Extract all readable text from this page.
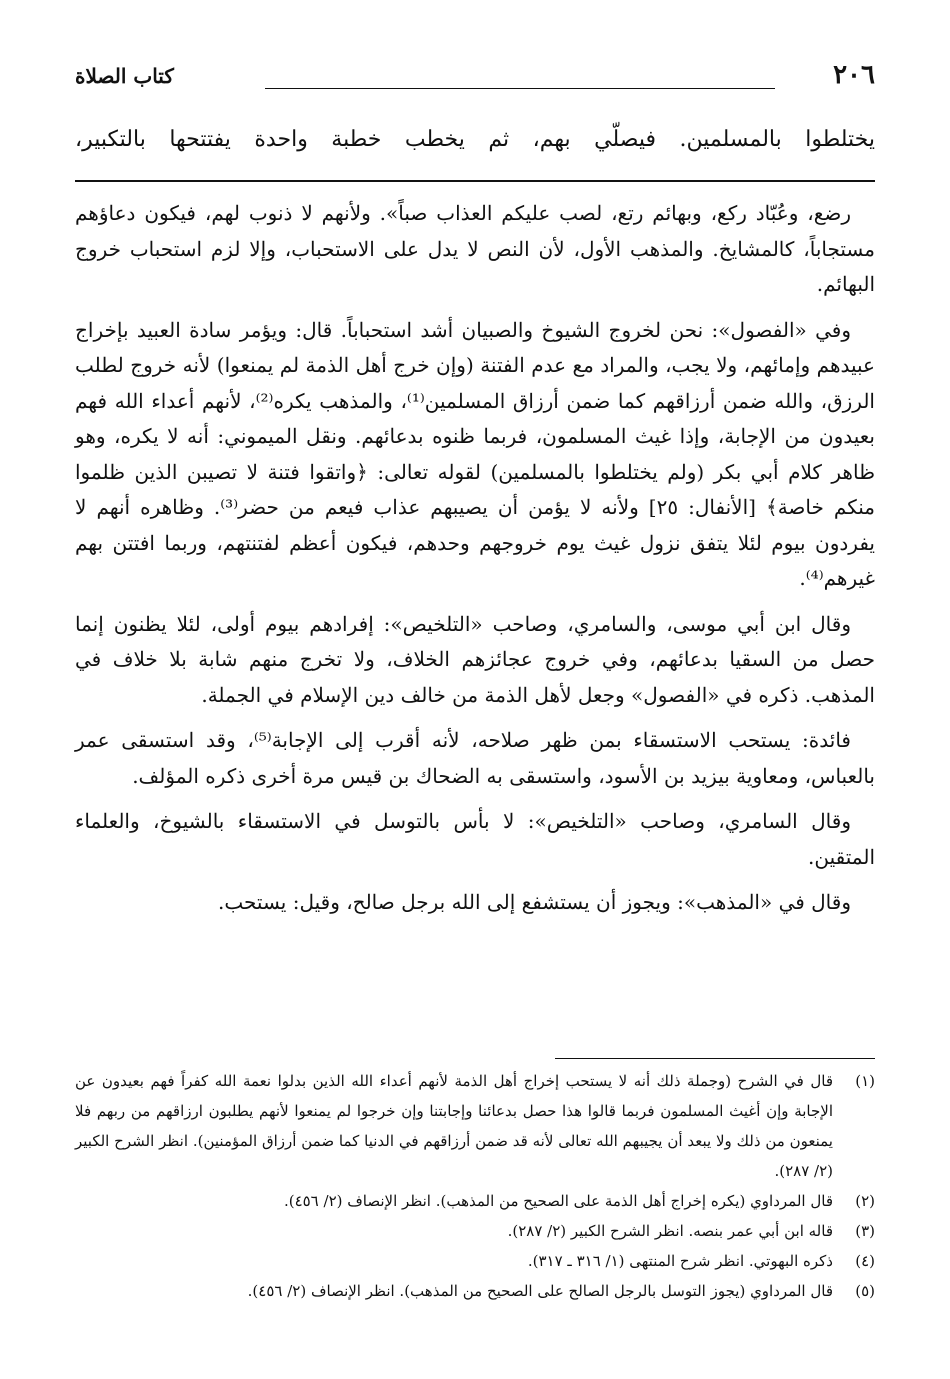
٢٠٦
كتاب الصلاة
يختلطوا بالمسلمين. فيصلّي بهم، ثم يخطب خطبة واحدة يفتتحها بالتكبير،

رضع، وعُبّاد ركع، وبهائم رتع، لصب عليكم العذاب صباً». ولأنهم لا ذنوب لهم، فيكون دعاؤهم مستجاباً، كالمشايخ. والمذهب الأول، لأن النص لا يدل على الاستحباب، وإلا لزم استحباب خروج البهائم.

وفي «الفصول»: نحن لخروج الشيوخ والصبيان أشد استحباباً. قال: ويؤمر سادة العبيد بإخراج عبيدهم وإمائهم، ولا يجب، والمراد مع عدم الفتنة (وإن خرج أهل الذمة لم يمنعوا) لأنه خروج لطلب الرزق، والله ضمن أرزاقهم كما ضمن أرزاق المسلمين⁽¹⁾، والمذهب يكره⁽²⁾، لأنهم أعداء الله فهم بعيدون من الإجابة، وإذا غيث المسلمون، فربما ظنوه بدعائهم. ونقل الميموني: أنه لا يكره، وهو ظاهر كلام أبي بكر (ولم يختلطوا بالمسلمين) لقوله تعالى: ﴿واتقوا فتنة لا تصيبن الذين ظلموا منكم خاصة﴾ [الأنفال: ٢٥] ولأنه لا يؤمن أن يصيبهم عذاب فيعم من حضر⁽³⁾. وظاهره أنهم لا يفردون بيوم لئلا يتفق نزول غيث يوم خروجهم وحدهم، فيكون أعظم لفتنتهم، وربما افتتن بهم غيرهم⁽⁴⁾.

وقال ابن أبي موسى، والسامري، وصاحب «التلخيص»: إفرادهم بيوم أولى، لئلا يظنون إنما حصل من السقيا بدعائهم، وفي خروج عجائزهم الخلاف، ولا تخرج منهم شابة بلا خلاف في المذهب. ذكره في «الفصول» وجعل لأهل الذمة من خالف دين الإسلام في الجملة.

فائدة: يستحب الاستسقاء بمن ظهر صلاحه، لأنه أقرب إلى الإجابة⁽⁵⁾، وقد استسقى عمر بالعباس، ومعاوية بيزيد بن الأسود، واستسقى به الضحاك بن قيس مرة أخرى ذكره المؤلف.

وقال السامري، وصاحب «التلخيص»: لا بأس بالتوسل في الاستسقاء بالشيوخ، والعلماء المتقين.

وقال في «المذهب»: ويجوز أن يستشفع إلى الله برجل صالح، وقيل: يستحب.

(١)
قال في الشرح (وجملة ذلك أنه لا يستحب إخراج أهل الذمة لأنهم أعداء الله الذين بدلوا نعمة الله كفراً فهم بعيدون عن الإجابة وإن أغيث المسلمون فربما قالوا هذا حصل بدعائنا وإجابتنا وإن خرجوا لم يمنعوا لأنهم يطلبون ارزاقهم من ربهم فلا يمنعون من ذلك ولا يبعد أن يجيبهم الله تعالى لأنه قد ضمن أرزاقهم في الدنيا كما ضمن أرزاق المؤمنين). انظر الشرح الكبير (٢/ ٢٨٧).
(٢)
قال المرداوي (يكره إخراج أهل الذمة على الصحيح من المذهب). انظر الإنصاف (٢/ ٤٥٦).
(٣)
قاله ابن أبي عمر بنصه. انظر الشرح الكبير (٢/ ٢٨٧).
(٤)
ذكره البهوتي. انظر شرح المنتهى (١/ ٣١٦ ـ ٣١٧).
(٥)
قال المرداوي (يجوز التوسل بالرجل الصالح على الصحيح من المذهب). انظر الإنصاف (٢/ ٤٥٦).
